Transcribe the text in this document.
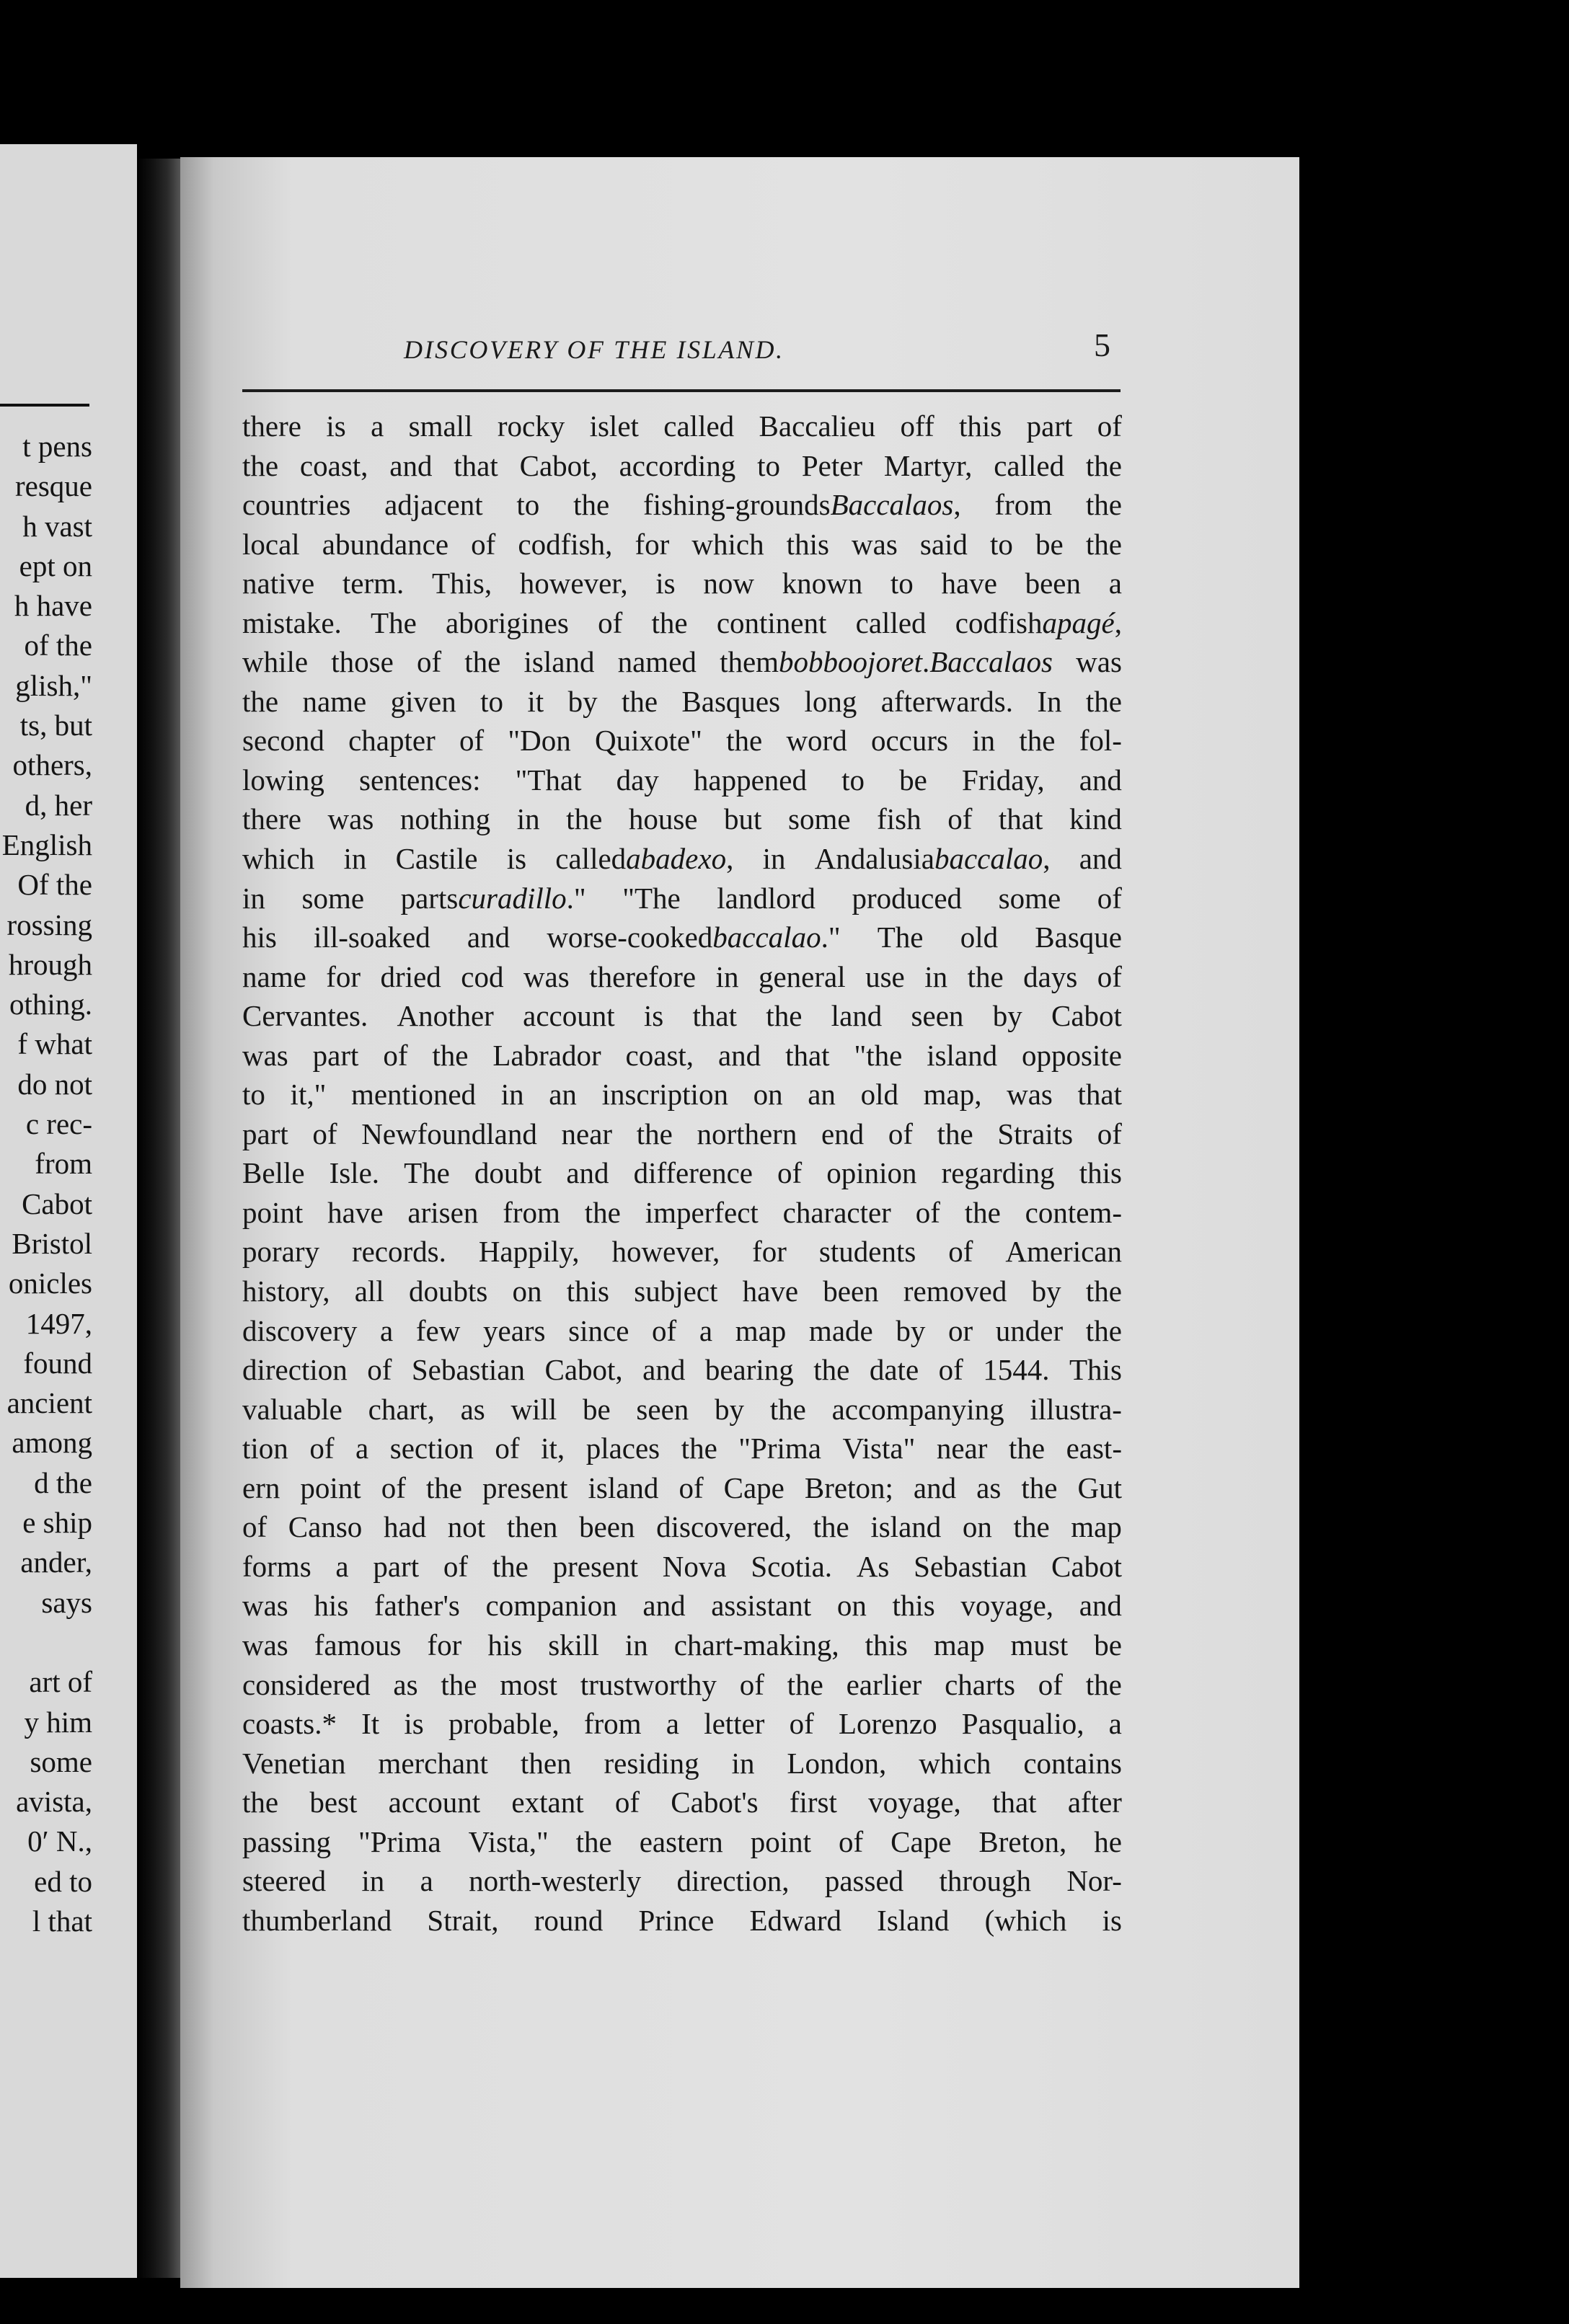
t pens
resque
h vast
ept on
h have
of the
glish,"
ts, but
others,
d, her
English
Of the
rossing
hrough
othing.
f what
do not
c rec-
from
Cabot
Bristol
onicles
1497,
found
ancient
among
d the
e ship
ander,
says
art of
y him
some
avista,
0′ N.,
ed to
l that
DISCOVERY OF THE ISLAND.	5
there is a small rocky islet called Baccalieu off this part of
the coast, and that Cabot, according to Peter Martyr, called the
countries adjacent to the fishing-groundsBaccalaos, from the
local abundance of codfish, for which this was said to be the
native term. This, however, is now known to have been a
mistake. The aborigines of the continent called codfishapagé,
while those of the island named thembobboojoret.Baccalaos was
the name given to it by the Basques long afterwards. In the
second chapter of "Don Quixote" the word occurs in the fol-
lowing sentences: "That day happened to be Friday, and
there was nothing in the house but some fish of that kind
which in Castile is calledabadexo, in Andalusiabaccalao, and
in some partscuradillo." "The landlord produced some of
his ill-soaked and worse-cookedbaccalao." The old Basque
name for dried cod was therefore in general use in the days of
Cervantes. Another account is that the land seen by Cabot
was part of the Labrador coast, and that "the island opposite
to it," mentioned in an inscription on an old map, was that
part of Newfoundland near the northern end of the Straits of
Belle Isle. The doubt and difference of opinion regarding this
point have arisen from the imperfect character of the contem-
porary records. Happily, however, for students of American
history, all doubts on this subject have been removed by the
discovery a few years since of a map made by or under the
direction of Sebastian Cabot, and bearing the date of 1544. This
valuable chart, as will be seen by the accompanying illustra-
tion of a section of it, places the "Prima Vista" near the east-
ern point of the present island of Cape Breton; and as the Gut
of Canso had not then been discovered, the island on the map
forms a part of the present Nova Scotia. As Sebastian Cabot
was his father's companion and assistant on this voyage, and
was famous for his skill in chart-making, this map must be
considered as the most trustworthy of the earlier charts of the
coasts.* It is probable, from a letter of Lorenzo Pasqualio, a
Venetian merchant then residing in London, which contains
the best account extant of Cabot's first voyage, that after
passing "Prima Vista," the eastern point of Cape Breton, he
steered in a north-westerly direction, passed through Nor-
thumberland Strait, round Prince Edward Island (which is
